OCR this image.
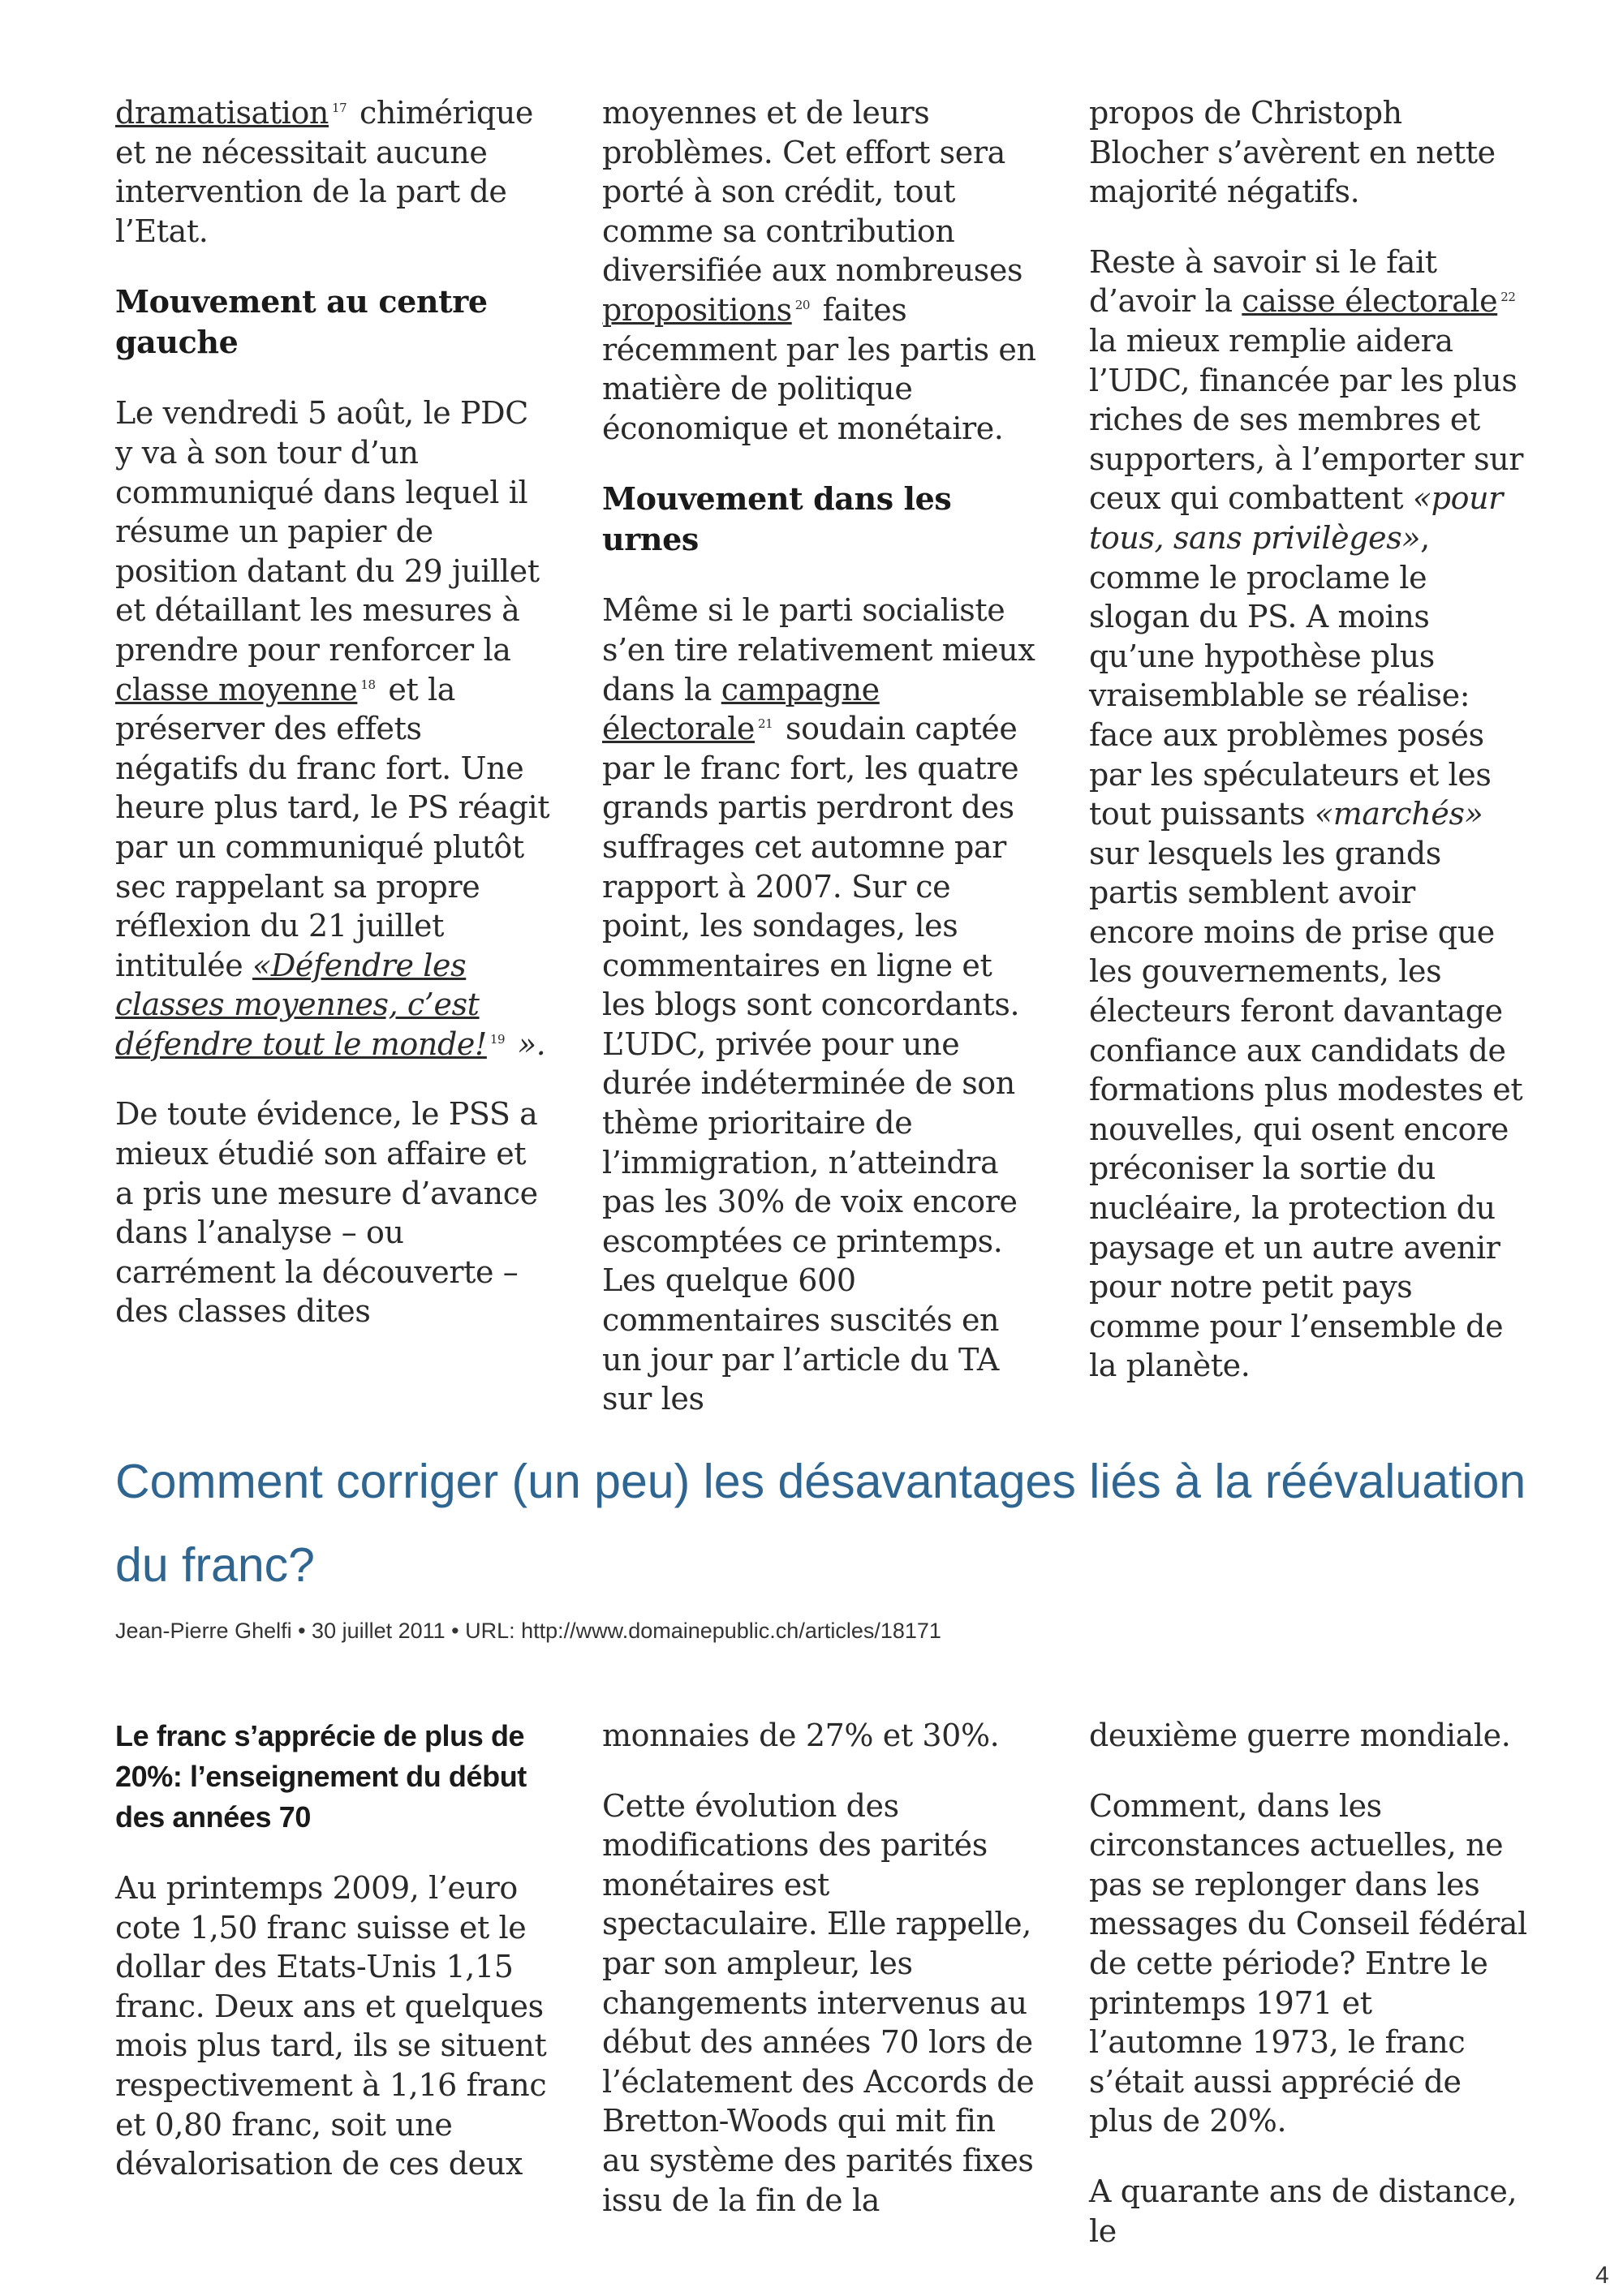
dramatisation $^{17}$ chimérique et ne nécessitait aucune intervention de la part de l’Etat.

Mouvement au centre gauche

Le vendredi 5 août, le PDC y va à son tour d’un communiqué dans lequel il résume un papier de position datant du 29 juillet et détaillant les mesures à prendre pour renforcer la classe moyenne $^{18}$ et la préserver des effets négatifs du franc fort. Une heure plus tard, le PS réagit par un communiqué plutôt sec rappelant sa propre réflexion du 21 juillet intitulée «Défendre les classes moyennes, c’est défendre tout le monde! $^{19}$ ».

De toute évidence, le PSS a mieux étudié son affaire et a pris une mesure d’avance dans l’analyse – ou carrément la découverte – des classes dites

moyennes et de leurs problèmes. Cet effort sera porté à son crédit, tout comme sa contribution diversifiée aux nombreuses propositions $^{20}$ faites récemment par les partis en matière de politique économique et monétaire.

Mouvement dans les urnes

Même si le parti socialiste s’en tire relativement mieux dans la campagne électorale $^{21}$ soudain captée par le franc fort, les quatre grands partis perdront des suffrages cet automne par rapport à 2007. Sur ce point, les sondages, les commentaires en ligne et les blogs sont concordants. L’UDC, privée pour une durée indéterminée de son thème prioritaire de l’immigration, n’atteindra pas les 30% de voix encore escomptées ce printemps. Les quelque 600 commentaires suscités en un jour par l’article du TA sur les

propos de Christoph Blocher s’avèrent en nette majorité négatifs.

Reste à savoir si le fait d’avoir la caisse électorale $^{22}$ la mieux remplie aidera l’UDC, financée par les plus riches de ses membres et supporters, à l’emporter sur ceux qui combattent «pour tous, sans privilèges», comme le proclame le slogan du PS. A moins qu’une hypothèse plus vraisemblable se réalise: face aux problèmes posés par les spéculateurs et les tout puissants «marchés» sur lesquels les grands partis semblent avoir encore moins de prise que les gouvernements, les électeurs feront davantage confiance aux candidats de formations plus modestes et nouvelles, qui osent encore préconiser la sortie du nucléaire, la protection du paysage et un autre avenir pour notre petit pays comme pour l’ensemble de la planète.

Comment corriger (un peu) les désavantages liés à la réévaluation du franc?

Jean-Pierre Ghelfi • 30 juillet 2011 • URL: http://www.domainepublic.ch/articles/18171

Le franc s’apprécie de plus de 20%: l’enseignement du début des années 70

Au printemps 2009, l’euro cote 1,50 franc suisse et le dollar des Etats-Unis 1,15 franc. Deux ans et quelques mois plus tard, ils se situent respectivement à 1,16 franc et 0,80 franc, soit une dévalorisation de ces deux

monnaies de 27% et 30%.

Cette évolution des modifications des parités monétaires est spectaculaire. Elle rappelle, par son ampleur, les changements intervenus au début des années 70 lors de l’éclatement des Accords de Bretton-Woods qui mit fin au système des parités fixes issu de la fin de la

deuxième guerre mondiale.

Comment, dans les circonstances actuelles, ne pas se replonger dans les messages du Conseil fédéral de cette période? Entre le printemps 1971 et l’automne 1973, le franc s’était aussi apprécié de plus de 20%.

A quarante ans de distance, le

4
